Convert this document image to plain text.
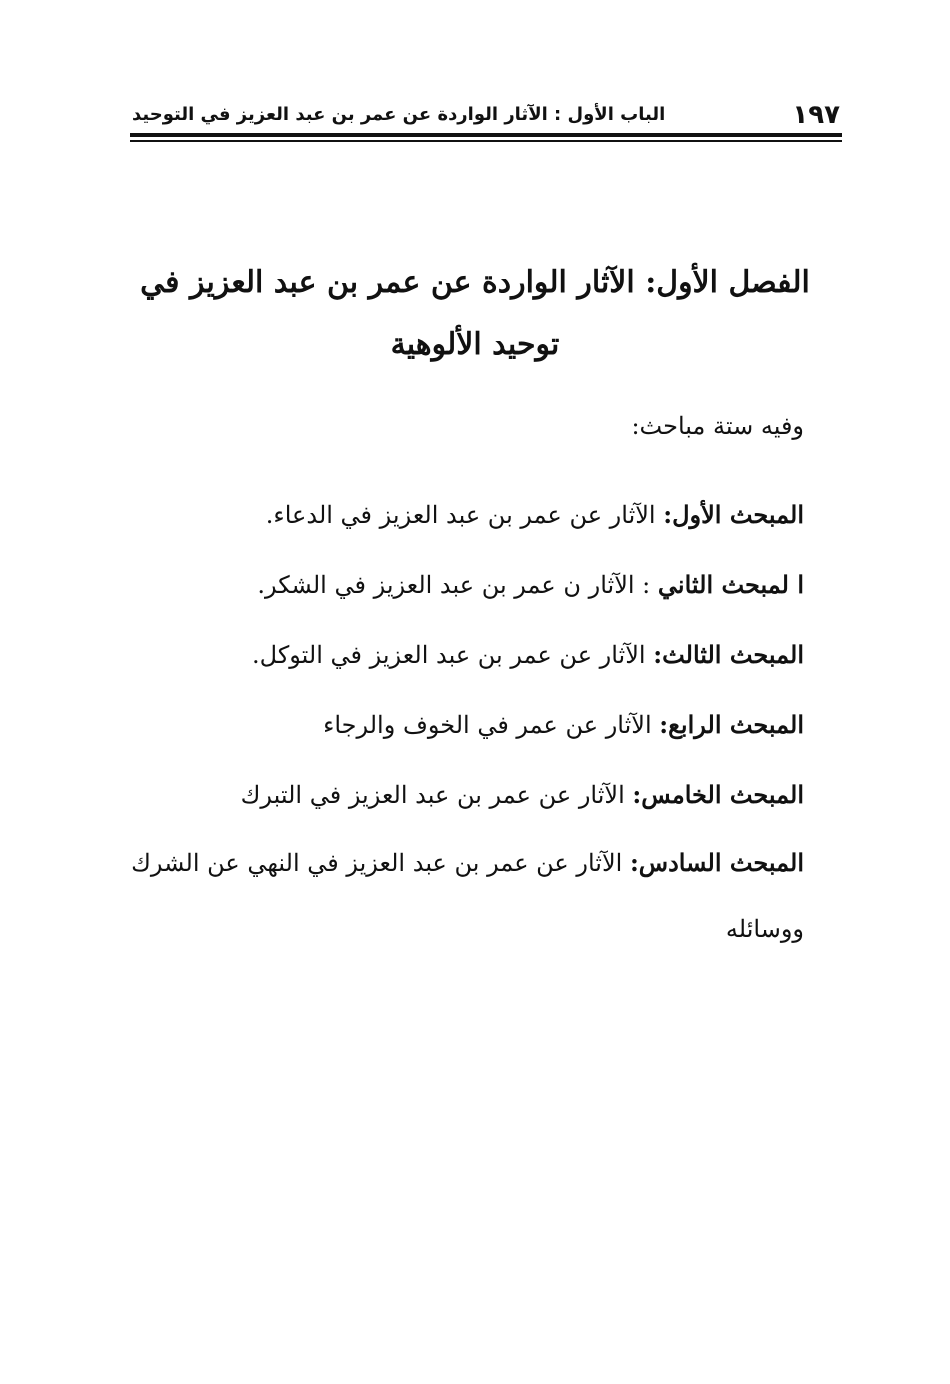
١٩٧
الباب الأول : الآثار الواردة عن عمر بن عبد العزيز في التوحيد
الفصل الأول: الآثار الواردة عن عمر بن عبد العزيز في توحيد الألوهية

وفيه ستة مباحث:

المبحث الأول: الآثار عن عمر بن عبد العزيز في الدعاء.
ا لمبحث الثاني : الآثار ن عمر بن عبد العزيز في الشكر.
المبحث الثالث: الآثار عن عمر بن عبد العزيز في التوكل.
المبحث الرابع: الآثار عن عمر في الخوف والرجاء
المبحث الخامس: الآثار عن عمر بن عبد العزيز في التبرك
المبحث السادس: الآثار عن عمر بن عبد العزيز في النهي عن الشرك ووسائله
